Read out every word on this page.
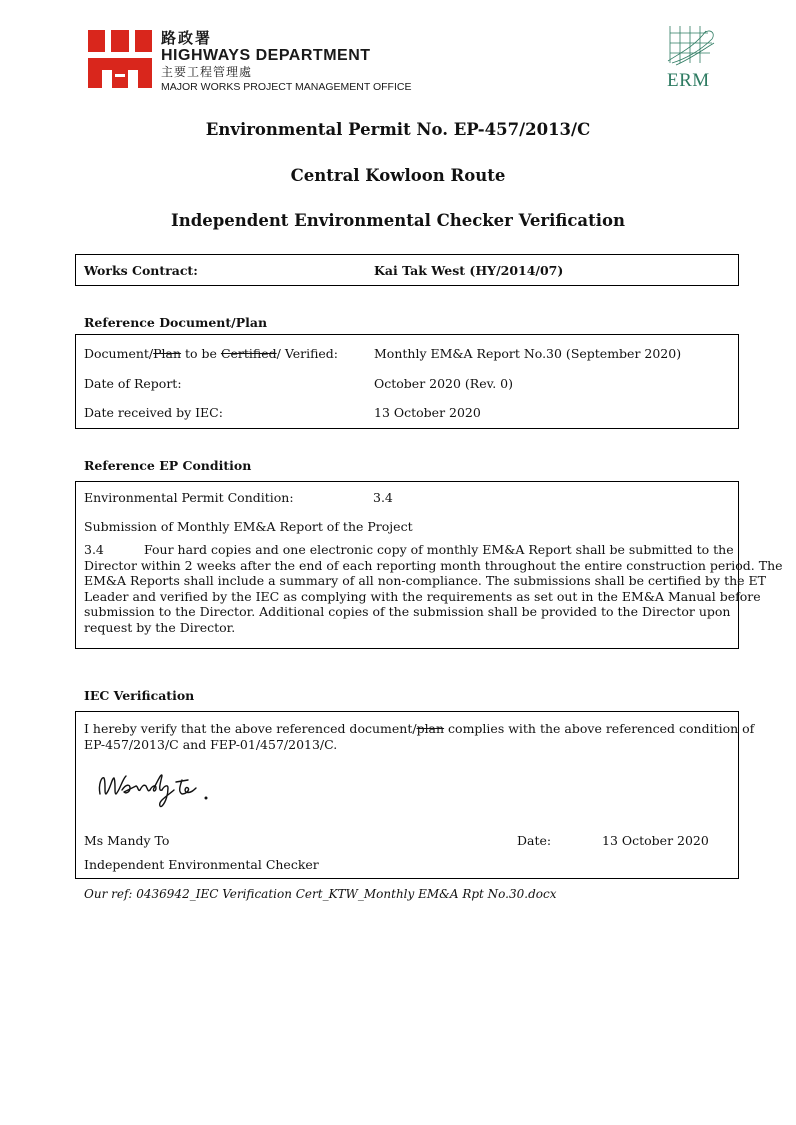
路政署
HIGHWAYS DEPARTMENT
主要工程管理處
MAJOR WORKS PROJECT MANAGEMENT OFFICE	ERM
Environmental Permit No. EP-457/2013/C
Central Kowloon Route
Independent Environmental Checker Verification
Works Contract:	Kai Tak West (HY/2014/07)
Reference Document/Plan
Document/Plan to be Certified/ Verified:	Monthly EM&A Report No.30 (September 2020)
Date of Report:	October 2020 (Rev. 0)
Date received by IEC:	13 October 2020
Reference EP Condition
Environmental Permit Condition:	3.4
Submission of Monthly EM&A Report of the Project
3.4	Four hard copies and one electronic copy of monthly EM&A Report shall be submitted to the
Director within 2 weeks after the end of each reporting month throughout the entire construction period. The
EM&A Reports shall include a summary of all non-compliance. The submissions shall be certified by the ET
Leader and verified by the IEC as complying with the requirements as set out in the EM&A Manual before
submission to the Director. Additional copies of the submission shall be provided to the Director upon
request by the Director.
IEC Verification
I hereby verify that the above referenced document/plan complies with the above referenced condition of
EP-457/2013/C and FEP-01/457/2013/C.
Ms Mandy To	Date:	13 October 2020
Independent Environmental Checker
Our ref: 0436942_IEC Verification Cert_KTW_Monthly EM&A Rpt No.30.docx
